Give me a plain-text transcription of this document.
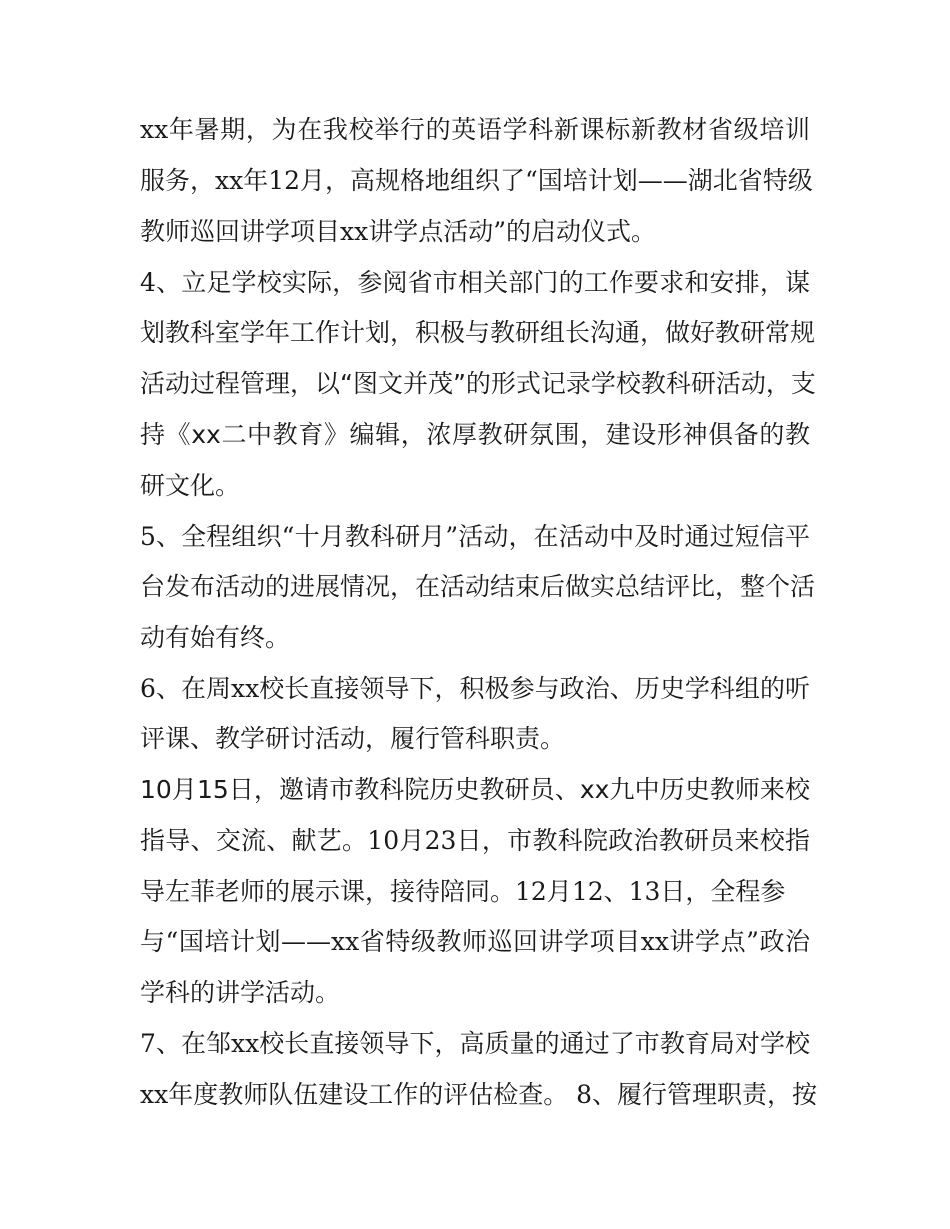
xx年暑期，为在我校举行的英语学科新课标新教材省级培训
服务，xx年12月，高规格地组织了“国培计划——湖北省特级
教师巡回讲学项目xx讲学点活动”的启动仪式。
4、立足学校实际，参阅省市相关部门的工作要求和安排，谋
划教科室学年工作计划，积极与教研组长沟通，做好教研常规
活动过程管理，以“图文并茂”的形式记录学校教科研活动，支
持《xx二中教育》编辑，浓厚教研氛围，建设形神俱备的教
研文化。
5、全程组织“十月教科研月”活动，在活动中及时通过短信平
台发布活动的进展情况，在活动结束后做实总结评比，整个活
动有始有终。
6、在周xx校长直接领导下，积极参与政治、历史学科组的听
评课、教学研讨活动，履行管科职责。
10月15日，邀请市教科院历史教研员、xx九中历史教师来校
指导、交流、献艺。10月23日，市教科院政治教研员来校指
导左菲老师的展示课，接待陪同。12月12、13日，全程参
与“国培计划——xx省特级教师巡回讲学项目xx讲学点”政治
学科的讲学活动。
7、在邹xx校长直接领导下，高质量的通过了市教育局对学校
xx年度教师队伍建设工作的评估检查。 8、履行管理职责，按
